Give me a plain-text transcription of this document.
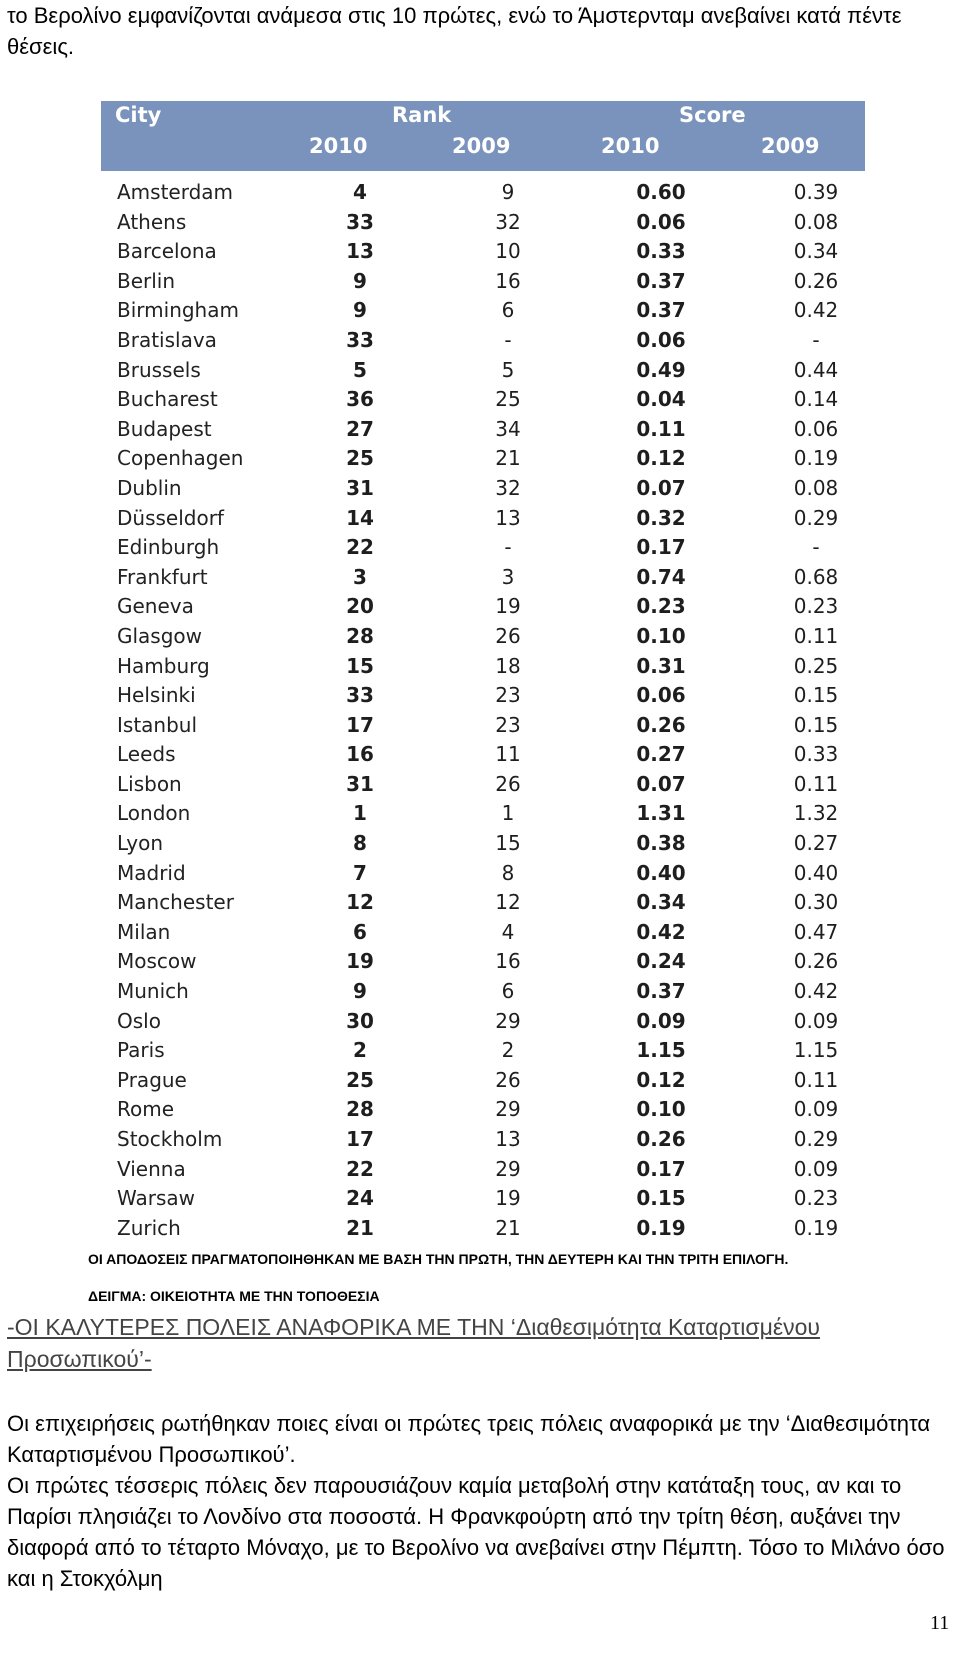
το Βερολίνο εμφανίζονται ανάμεσα στις 10 πρώτες, ενώ το Άμστερνταμ ανεβαίνει κατά πέντε θέσεις.

City	Rank	Score
2010	2009	2010	2009
Amsterdam	4	9	0.60	0.39
Athens	33	32	0.06	0.08
Barcelona	13	10	0.33	0.34
Berlin	9	16	0.37	0.26
Birmingham	9	6	0.37	0.42
Bratislava	33	-	0.06	-
Brussels	5	5	0.49	0.44
Bucharest	36	25	0.04	0.14
Budapest	27	34	0.11	0.06
Copenhagen	25	21	0.12	0.19
Dublin	31	32	0.07	0.08
Düsseldorf	14	13	0.32	0.29
Edinburgh	22	-	0.17	-
Frankfurt	3	3	0.74	0.68
Geneva	20	19	0.23	0.23
Glasgow	28	26	0.10	0.11
Hamburg	15	18	0.31	0.25
Helsinki	33	23	0.06	0.15
Istanbul	17	23	0.26	0.15
Leeds	16	11	0.27	0.33
Lisbon	31	26	0.07	0.11
London	1	1	1.31	1.32
Lyon	8	15	0.38	0.27
Madrid	7	8	0.40	0.40
Manchester	12	12	0.34	0.30
Milan	6	4	0.42	0.47
Moscow	19	16	0.24	0.26
Munich	9	6	0.37	0.42
Oslo	30	29	0.09	0.09
Paris	2	2	1.15	1.15
Prague	25	26	0.12	0.11
Rome	28	29	0.10	0.09
Stockholm	17	13	0.26	0.29
Vienna	22	29	0.17	0.09
Warsaw	24	19	0.15	0.23
Zurich	21	21	0.19	0.19

ΟΙ ΑΠΟΔΟΣΕΙΣ ΠΡΑΓΜΑΤΟΠΟΙΗΘΗΚΑΝ ΜΕ ΒΑΣΗ ΤΗΝ ΠΡΩΤΗ, ΤΗΝ ΔΕΥΤΕΡΗ ΚΑΙ ΤΗΝ ΤΡΙΤΗ ΕΠΙΛΟΓΗ.

ΔΕΙΓΜΑ: ΟΙΚΕΙΟΤΗΤΑ ΜΕ ΤΗΝ ΤΟΠΟΘΕΣΙΑ

-ΟΙ ΚΑΛΥΤΕΡΕΣ ΠΟΛΕΙΣ ΑΝΑΦΟΡΙΚΑ ΜΕ ΤΗΝ ‘Διαθεσιμότητα Καταρτισμένου Προσωπικού’-

Οι επιχειρήσεις ρωτήθηκαν ποιες είναι οι πρώτες τρεις πόλεις αναφορικά με την ‘Διαθεσιμότητα Καταρτισμένου Προσωπικού’.
Οι πρώτες τέσσερις πόλεις δεν παρουσιάζουν καμία μεταβολή στην κατάταξη τους, αν και το Παρίσι πλησιάζει το Λονδίνο στα ποσοστά. Η Φρανκφούρτη από την τρίτη θέση, αυξάνει την διαφορά από το τέταρτο Μόναχο, με το Βερολίνο να ανεβαίνει στην Πέμπτη. Τόσο το Μιλάνο όσο και η Στοκχόλμη
11
